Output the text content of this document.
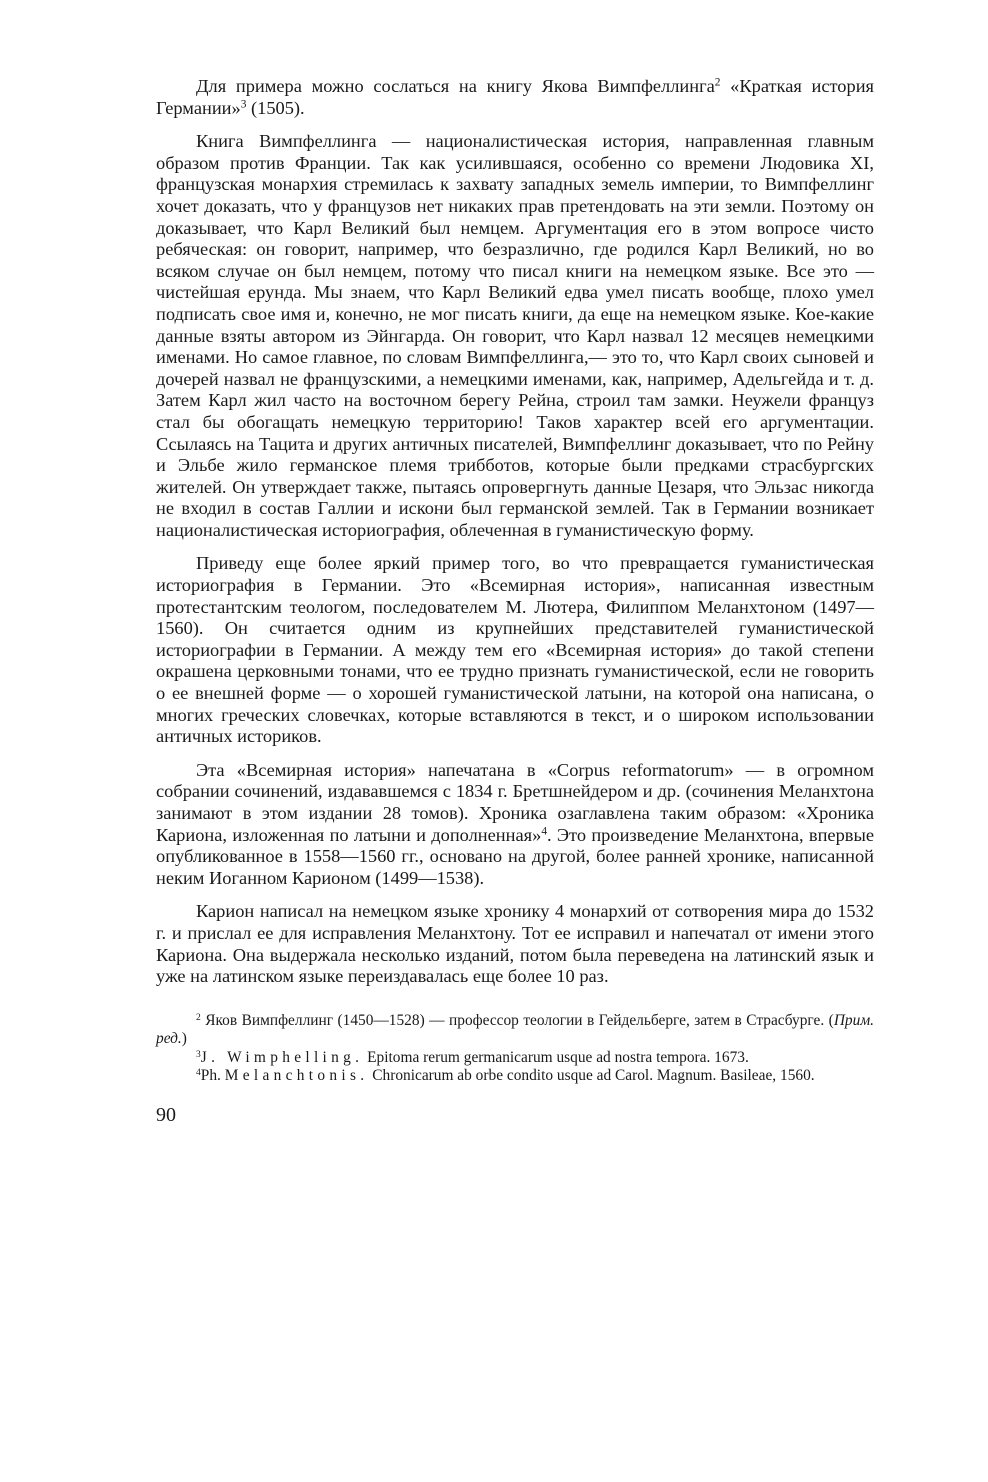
Для примера можно сослаться на книгу Якова Вимпфеллинга$^2$ «Краткая история Германии»$^3$ (1505).

Книга Вимпфеллинга — националистическая история, направленная главным образом против Франции. Так как усилившаяся, особенно со времени Людовика XI, французская монархия стремилась к захвату западных земель империи, то Вимпфеллинг хочет доказать, что у французов нет никаких прав претендовать на эти земли. Поэтому он доказывает, что Карл Великий был немцем. Аргументация его в этом вопросе чисто ребяческая: он говорит, например, что безразлично, где родился Карл Великий, но во всяком случае он был немцем, потому что писал книги на немецком языке. Все это — чистейшая ерунда. Мы знаем, что Карл Великий едва умел писать вообще, плохо умел подписать свое имя и, конечно, не мог писать книги, да еще на немецком языке. Кое-какие данные взяты автором из Эйнгарда. Он говорит, что Карл назвал 12 месяцев немецкими именами. Но самое главное, по словам Вимпфеллинга,— это то, что Карл своих сыновей и дочерей назвал не французскими, а немецкими именами, как, например, Адельгейда и т. д. Затем Карл жил часто на восточном берегу Рейна, строил там замки. Неужели француз стал бы обогащать немецкую территорию! Таков характер всей его аргументации. Ссылаясь на Тацита и других античных писателей, Вимпфеллинг доказывает, что по Рейну и Эльбе жило германское племя трибботов, которые были предками страсбургских жителей. Он утверждает также, пытаясь опровергнуть данные Цезаря, что Эльзас никогда не входил в состав Галлии и искони был германской землей. Так в Германии возникает националистическая историография, облеченная в гуманистическую форму.

Приведу еще более яркий пример того, во что превращается гуманистическая историография в Германии. Это «Всемирная история», написанная известным протестантским теологом, последователем М. Лютера, Филиппом Меланхтоном (1497—1560). Он считается одним из крупнейших представителей гуманистической историографии в Германии. А между тем его «Всемирная история» до такой степени окрашена церковными тонами, что ее трудно признать гуманистической, если не говорить о ее внешней форме — о хорошей гуманистической латыни, на которой она написана, о многих греческих словечках, которые вставляются в текст, и о широком использовании античных историков.

Эта «Всемирная история» напечатана в «Corpus reformatorum» — в огромном собрании сочинений, издававшемся с 1834 г. Бретшнейдером и др. (сочинения Меланхтона занимают в этом издании 28 томов). Хроника озаглавлена таким образом: «Хроника Кариона, изложенная по латыни и дополненная»$^4$. Это произведение Меланхтона, впервые опубликованное в 1558—1560 гг., основано на другой, более ранней хронике, написанной неким Иоганном Карионом (1499—1538).

Карион написал на немецком языке хронику 4 монархий от сотворения мира до 1532 г. и прислал ее для исправления Меланхтону. Тот ее исправил и напечатал от имени этого Кариона. Она выдержала несколько изданий, потом была переведена на латинский язык и уже на латинском языке переиздавалась еще более 10 раз.

$^2$ Яков Вимпфеллинг (1450—1528) — профессор теологии в Гейдельберге, затем в Страсбурге. (Прим. ред.)

$^3$J. Wimphelling. Epitoma rerum germanicarum usque ad nostra tempora. 1673.

$^4$Ph. Melanchtonis. Chronicarum ab orbe condito usque ad Carol. Magnum. Basileae, 1560.

90
